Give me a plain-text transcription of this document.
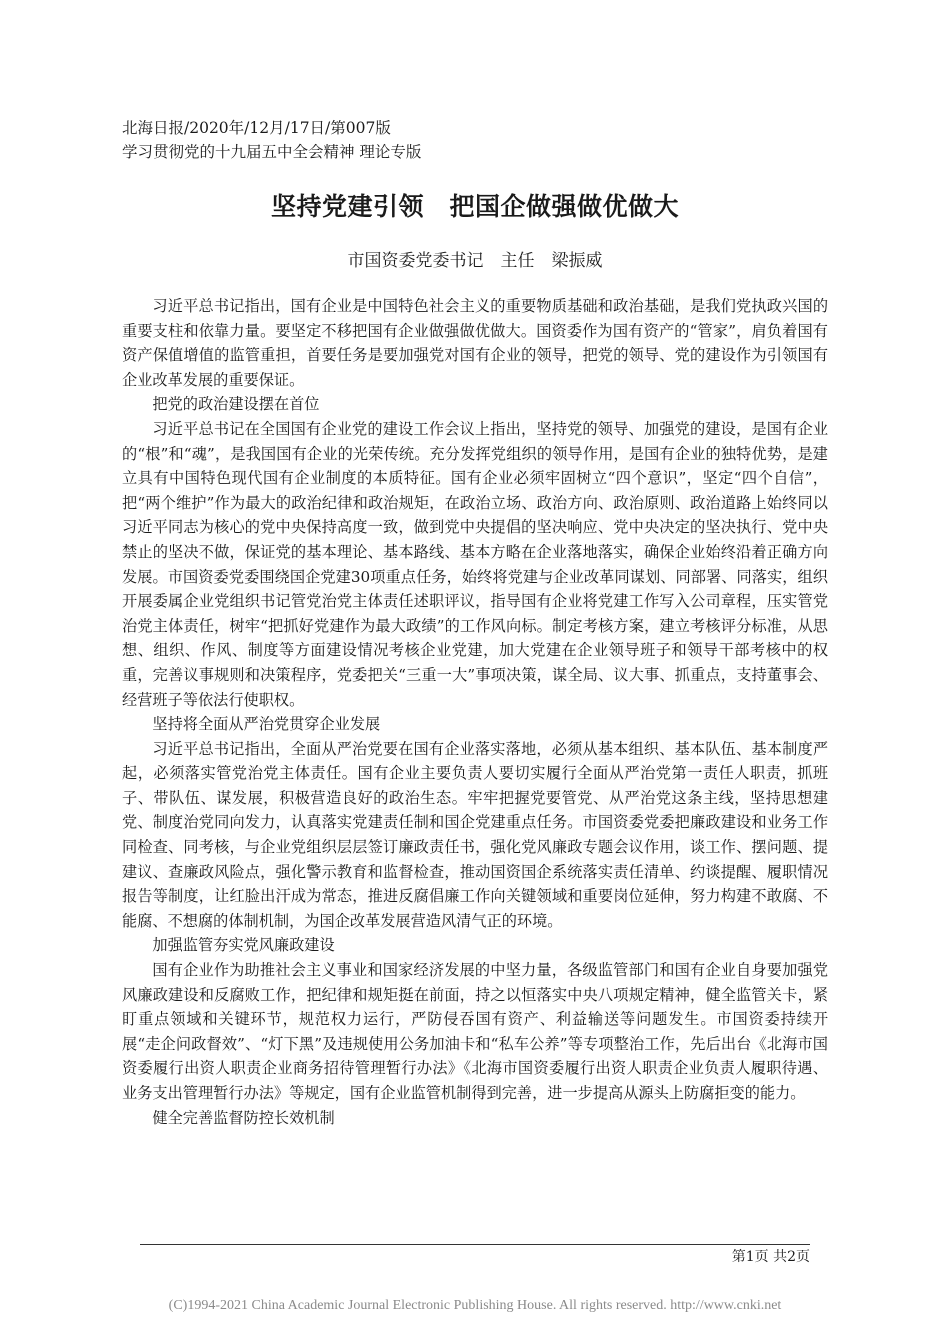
北海日报/2020年/12月/17日/第007版
学习贯彻党的十九届五中全会精神 理论专版
坚持党建引领　把国企做强做优做大
市国资委党委书记　主任　梁振威

习近平总书记指出，国有企业是中国特色社会主义的重要物质基础和政治基础，是我们党执政兴国的重要支柱和依靠力量。要坚定不移把国有企业做强做优做大。国资委作为国有资产的“管家”，肩负着国有资产保值增值的监管重担，首要任务是要加强党对国有企业的领导，把党的领导、党的建设作为引领国有企业改革发展的重要保证。

把党的政治建设摆在首位

习近平总书记在全国国有企业党的建设工作会议上指出，坚持党的领导、加强党的建设，是国有企业的“根”和“魂”，是我国国有企业的光荣传统。充分发挥党组织的领导作用，是国有企业的独特优势，是建立具有中国特色现代国有企业制度的本质特征。国有企业必须牢固树立“四个意识”，坚定“四个自信”，把“两个维护”作为最大的政治纪律和政治规矩，在政治立场、政治方向、政治原则、政治道路上始终同以习近平同志为核心的党中央保持高度一致，做到党中央提倡的坚决响应、党中央决定的坚决执行、党中央禁止的坚决不做，保证党的基本理论、基本路线、基本方略在企业落地落实，确保企业始终沿着正确方向发展。市国资委党委围绕国企党建30项重点任务，始终将党建与企业改革同谋划、同部署、同落实，组织开展委属企业党组织书记管党治党主体责任述职评议，指导国有企业将党建工作写入公司章程，压实管党治党主体责任，树牢“把抓好党建作为最大政绩”的工作风向标。制定考核方案，建立考核评分标准，从思想、组织、作风、制度等方面建设情况考核企业党建，加大党建在企业领导班子和领导干部考核中的权重，完善议事规则和决策程序，党委把关“三重一大”事项决策，谋全局、议大事、抓重点，支持董事会、经营班子等依法行使职权。

坚持将全面从严治党贯穿企业发展

习近平总书记指出，全面从严治党要在国有企业落实落地，必须从基本组织、基本队伍、基本制度严起，必须落实管党治党主体责任。国有企业主要负责人要切实履行全面从严治党第一责任人职责，抓班子、带队伍、谋发展，积极营造良好的政治生态。牢牢把握党要管党、从严治党这条主线，坚持思想建党、制度治党同向发力，认真落实党建责任制和国企党建重点任务。市国资委党委把廉政建设和业务工作同检查、同考核，与企业党组织层层签订廉政责任书，强化党风廉政专题会议作用，谈工作、摆问题、提建议、查廉政风险点，强化警示教育和监督检查，推动国资国企系统落实责任清单、约谈提醒、履职情况报告等制度，让红脸出汗成为常态，推进反腐倡廉工作向关键领域和重要岗位延伸，努力构建不敢腐、不能腐、不想腐的体制机制，为国企改革发展营造风清气正的环境。

加强监管夯实党风廉政建设

国有企业作为助推社会主义事业和国家经济发展的中坚力量，各级监管部门和国有企业自身要加强党风廉政建设和反腐败工作，把纪律和规矩挺在前面，持之以恒落实中央八项规定精神，健全监管关卡，紧盯重点领域和关键环节，规范权力运行，严防侵吞国有资产、利益输送等问题发生。市国资委持续开展“走企问政督效”、“灯下黑”及违规使用公务加油卡和“私车公养”等专项整治工作，先后出台《北海市国资委履行出资人职责企业商务招待管理暂行办法》《北海市国资委履行出资人职责企业负责人履职待遇、业务支出管理暂行办法》等规定，国有企业监管机制得到完善，进一步提高从源头上防腐拒变的能力。

健全完善监督防控长效机制

第1页 共2页
(C)1994-2021 China Academic Journal Electronic Publishing House. All rights reserved. http://www.cnki.net
